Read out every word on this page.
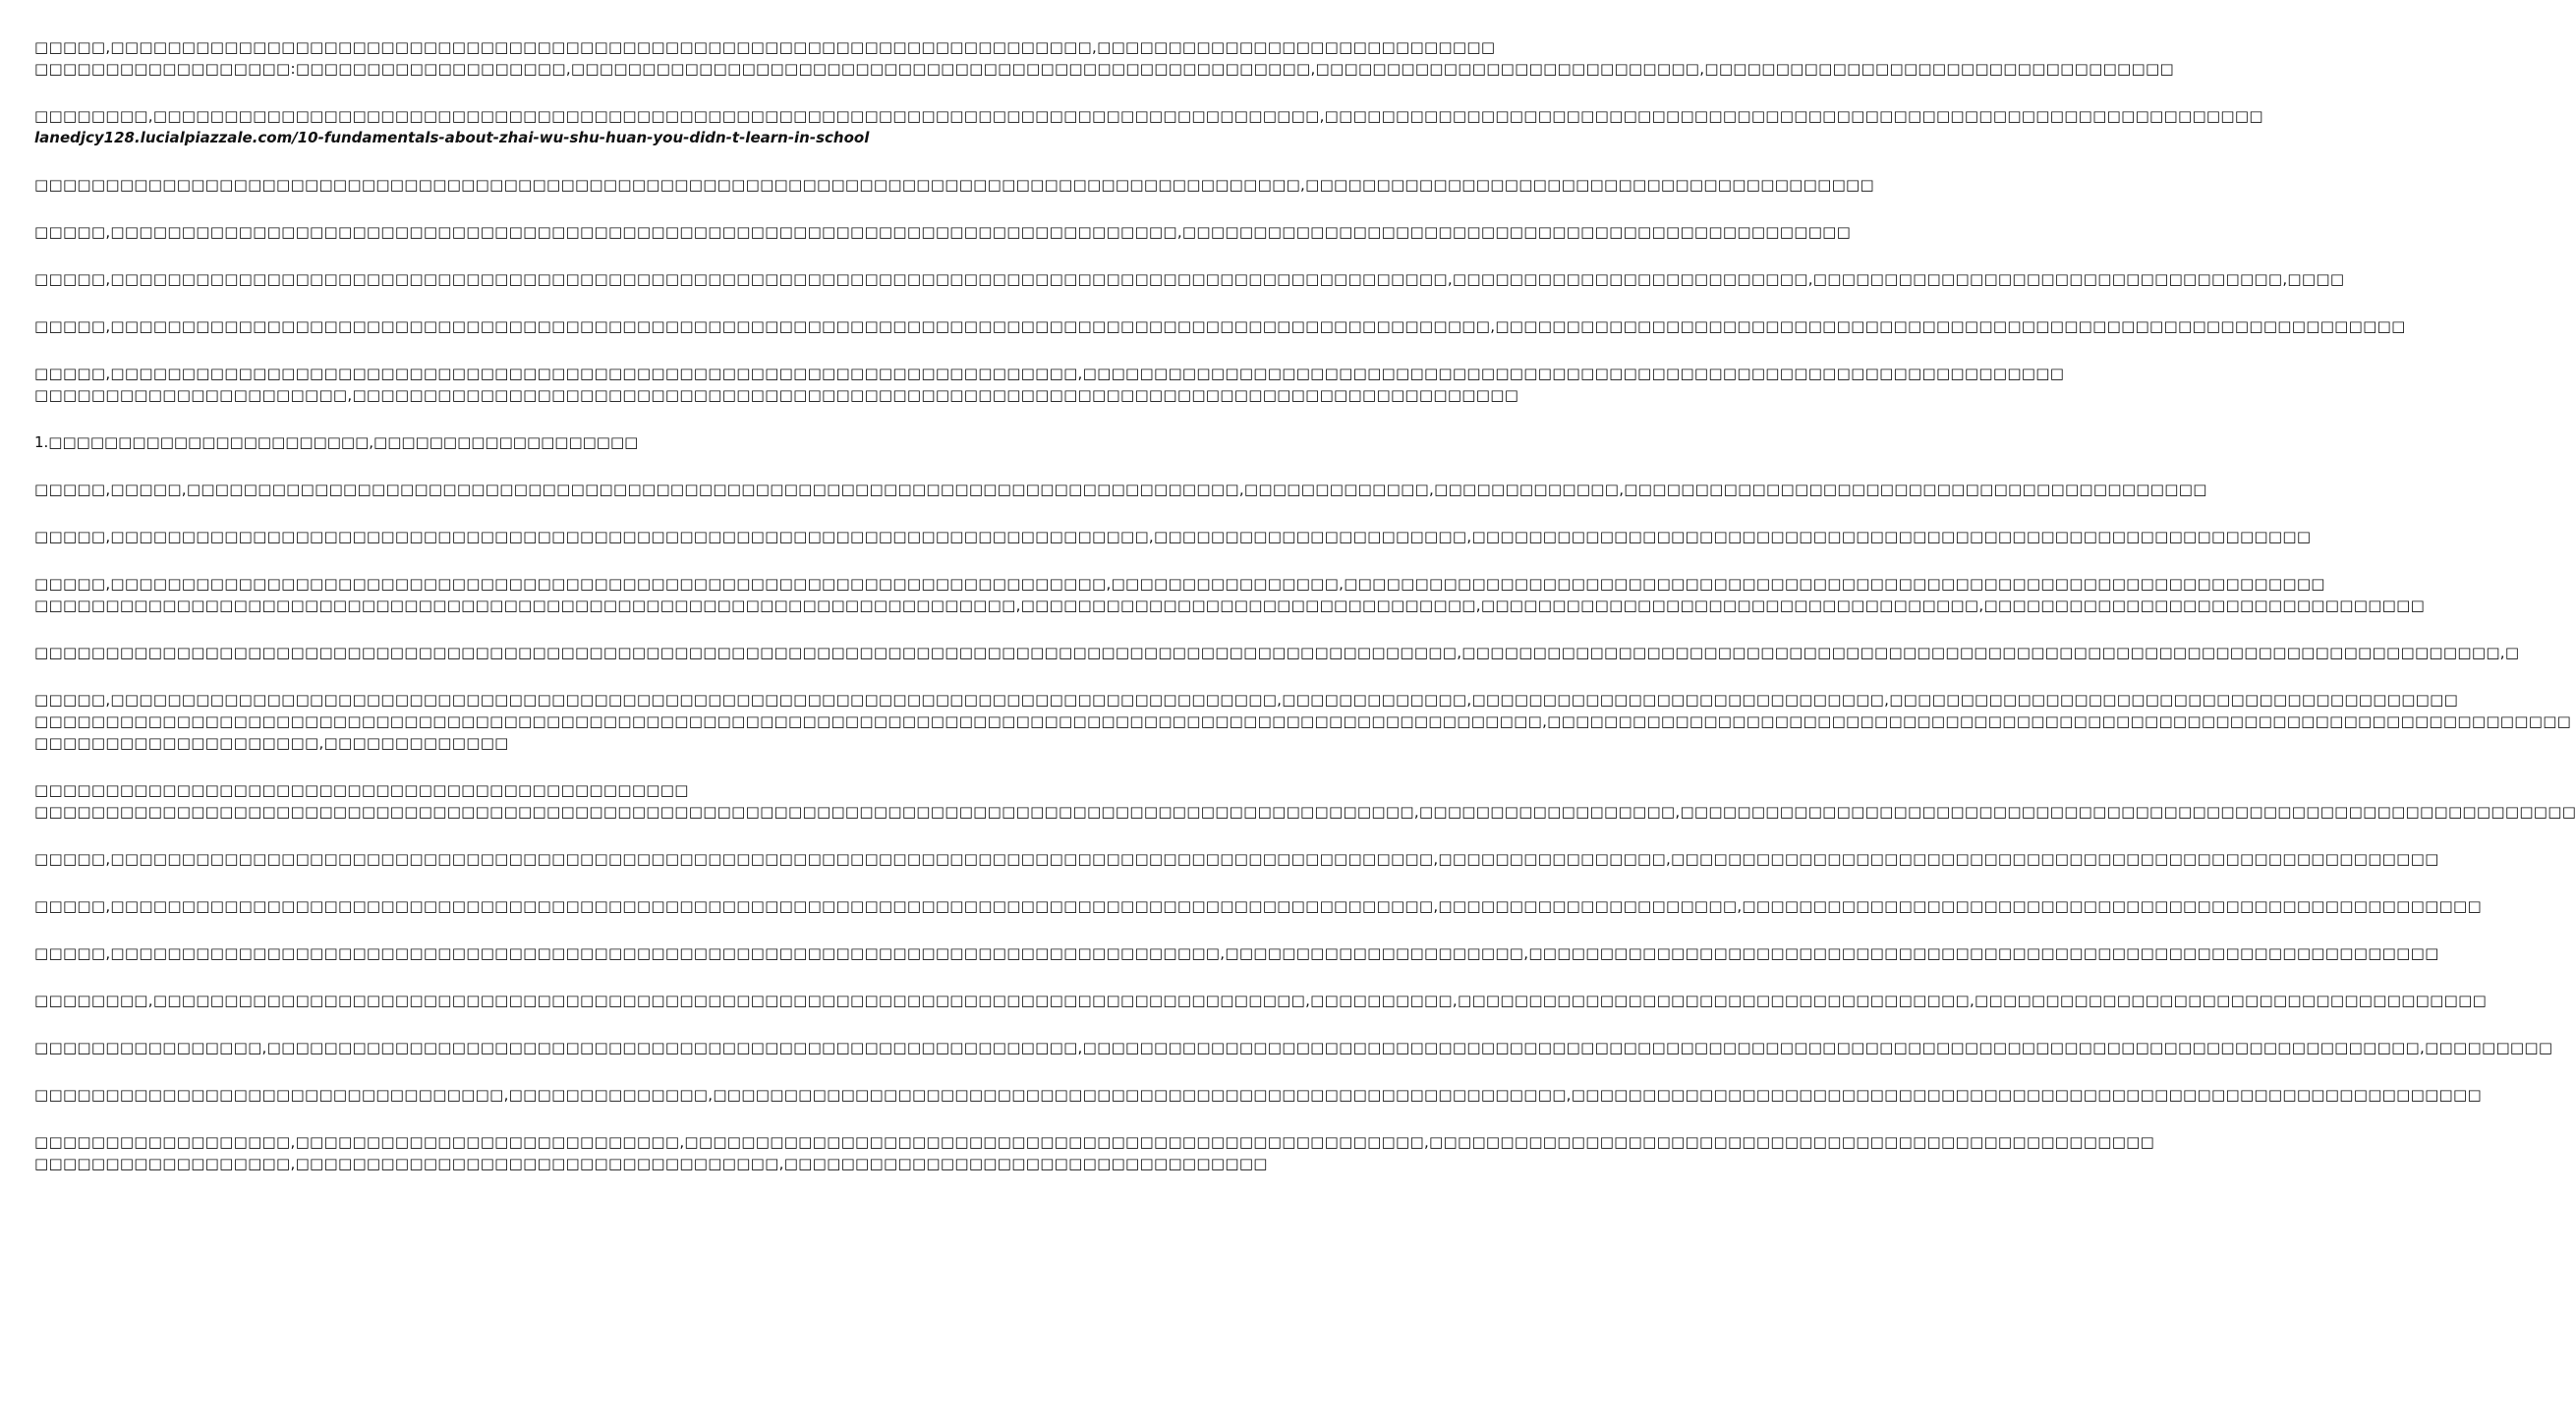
□□□□□,□□□□□□□□□□□□□□□□□□□□□□□□□□□□□□□□□□□□□□□□□□□□□□□□□□□□□□□□□□□□□□□□□□□□□,□□□□□□□□□□□□□□□□□□□□□□□□□□□□
□□□□□□□□□□□□□□□□□□:□□□□□□□□□□□□□□□□□□□,□□□□□□□□□□□□□□□□□□□□□□□□□□□□□□□□□□□□□□□□□□□□□□□□□□□□,□□□□□□□□□□□□□□□□□□□□□□□□□□□,□□□□□□□□□□□□□□□□□□□□□□□□□□□□□□□□□

□□□□□□□□,□□□□□□□□□□□□□□□□□□□□□□□□□□□□□□□□□□□□□□□□□□□□□□□□□□□□□□□□□□□□□□□□□□□□□□□□□□□□□□□□□□,□□□□□□□□□□□□□□□□□□□□□□□□□□□□□□□□□□□□□□□□□□□□□□□□□□□□□□□□□□□□□□□□□□
lanedjcy128.lucialpiazzale.com/10-fundamentals-about-zhai-wu-shu-huan-you-didn-t-learn-in-school

□□□□□□□□□□□□□□□□□□□□□□□□□□□□□□□□□□□□□□□□□□□□□□□□□□□□□□□□□□□□□□□□□□□□□□□□□□□□□□□□□□□□□□□□□,□□□□□□□□□□□□□□□□□□□□□□□□□□□□□□□□□□□□□□□□

□□□□□,□□□□□□□□□□□□□□□□□□□□□□□□□□□□□□□□□□□□□□□□□□□□□□□□□□□□□□□□□□□□□□□□□□□□□□□□□□□,□□□□□□□□□□□□□□□□□□□□□□□□□□□□□□□□□□□□□□□□□□□□□□□

□□□□□,□□□□□□□□□□□□□□□□□□□□□□□□□□□□□□□□□□□□□□□□□□□□□□□□□□□□□□□□□□□□□□□□□□□□□□□□□□□□□□□□□□□□□□□□□□□□□□,□□□□□□□□□□□□□□□□□□□□□□□□□,□□□□□□□□□□□□□□□□□□□□□□□□□□□□□□□□□,□□□□

□□□□□,□□□□□□□□□□□□□□□□□□□□□□□□□□□□□□□□□□□□□□□□□□□□□□□□□□□□□□□□□□□□□□□□□□□□□□□□□□□□□□□□□□□□□□□□□□□□□□□□□,□□□□□□□□□□□□□□□□□□□□□□□□□□□□□□□□□□□□□□□□□□□□□□□□□□□□□□□□□□□□□□□□

□□□□□,□□□□□□□□□□□□□□□□□□□□□□□□□□□□□□□□□□□□□□□□□□□□□□□□□□□□□□□□□□□□□□□□□□□□,□□□□□□□□□□□□□□□□□□□□□□□□□□□□□□□□□□□□□□□□□□□□□□□□□□□□□□□□□□□□□□□□□□□□□
□□□□□□□□□□□□□□□□□□□□□□,□□□□□□□□□□□□□□□□□□□□□□□□□□□□□□□□□□□□□□□□□□□□□□□□□□□□□□□□□□□□□□□□□□□□□□□□□□□□□□□□□□

1.□□□□□□□□□□□□□□□□□□□□□□□,□□□□□□□□□□□□□□□□□□□

□□□□□,□□□□□,□□□□□□□□□□□□□□□□□□□□□□□□□□□□□□□□□□□□□□□□□□□□□□□□□□□□□□□□□□□□□□□□□□□□□□□□□□,□□□□□□□□□□□□□,□□□□□□□□□□□□□,□□□□□□□□□□□□□□□□□□□□□□□□□□□□□□□□□□□□□□□□□

□□□□□,□□□□□□□□□□□□□□□□□□□□□□□□□□□□□□□□□□□□□□□□□□□□□□□□□□□□□□□□□□□□□□□□□□□□□□□□□,□□□□□□□□□□□□□□□□□□□□□□,□□□□□□□□□□□□□□□□□□□□□□□□□□□□□□□□□□□□□□□□□□□□□□□□□□□□□□□□□□□

□□□□□,□□□□□□□□□□□□□□□□□□□□□□□□□□□□□□□□□□□□□□□□□□□□□□□□□□□□□□□□□□□□□□□□□□□□□□,□□□□□□□□□□□□□□□□,□□□□□□□□□□□□□□□□□□□□□□□□□□□□□□□□□□□□□□□□□□□□□□□□□□□□□□□□□□□□□□□□□□□□□
□□□□□□□□□□□□□□□□□□□□□□□□□□□□□□□□□□□□□□□□□□□□□□□□□□□□□□□□□□□□□□□□□□□□□,□□□□□□□□□□□□□□□□□□□□□□□□□□□□□□□□,□□□□□□□□□□□□□□□□□□□□□□□□□□□□□□□□□□□,□□□□□□□□□□□□□□□□□□□□□□□□□□□□□□□

□□□□□□□□□□□□□□□□□□□□□□□□□□□□□□□□□□□□□□□□□□□□□□□□□□□□□□□□□□□□□□□□□□□□□□□□□□□□□□□□□□□□□□□□□□□□□□□□□□□□,□□□□□□□□□□□□□□□□□□□□□□□□□□□□□□□□□□□□□□□□□□□□□□□□□□□□□□□□□□□□□□□□□□□□□□□□□,□

□□□□□,□□□□□□□□□□□□□□□□□□□□□□□□□□□□□□□□□□□□□□□□□□□□□□□□□□□□□□□□□□□□□□□□□□□□□□□□□□□□□□□□□□,□□□□□□□□□□□□□,□□□□□□□□□□□□□□□□□□□□□□□□□□□□□,□□□□□□□□□□□□□□□□□□□□□□□□□□□□□□□□□□□□□□□□
□□□□□□□□□□□□□□□□□□□□□□□□□□□□□□□□□□□□□□□□□□□□□□□□□□□□□□□□□□□□□□□□□□□□□□□□□□□□□□□□□□□□□□□□□□□□□□□□□□□□□□□□□□,□□□□□□□□□□□□□□□□□□□□□□□□□□□□□□□□□□□□□□□□□□□□□□□□□□□□□□□□□□□□□□□□□□□□□□□□
□□□□□□□□□□□□□□□□□□□□,□□□□□□□□□□□□□

□□□□□□□□□□□□□□□□□□□□□□□□□□□□□□□□□□□□□□□□□□□□□□
□□□□□□□□□□□□□□□□□□□□□□□□□□□□□□□□□□□□□□□□□□□□□□□□□□□□□□□□□□□□□□□□□□□□□□□□□□□□□□□□□□□□□□□□□□□□□□□□□,□□□□□□□□□□□□□□□□□□,□□□□□□□□□□□□□□□□□□□□□□□□□□□□□□□□□□□□□□□□□□□□□□□□□□□□□□□□□□□□□□□

□□□□□,□□□□□□□□□□□□□□□□□□□□□□□□□□□□□□□□□□□□□□□□□□□□□□□□□□□□□□□□□□□□□□□□□□□□□□□□□□□□□□□□□□□□□□□□□□□□□,□□□□□□□□□□□□□□□□,□□□□□□□□□□□□□□□□□□□□□□□□□□□□□□□□□□□□□□□□□□□□□□□□□□□□□□

□□□□□,□□□□□□□□□□□□□□□□□□□□□□□□□□□□□□□□□□□□□□□□□□□□□□□□□□□□□□□□□□□□□□□□□□□□□□□□□□□□□□□□□□□□□□□□□□□□□,□□□□□□□□□□□□□□□□□□□□□,□□□□□□□□□□□□□□□□□□□□□□□□□□□□□□□□□□□□□□□□□□□□□□□□□□□□

□□□□□,□□□□□□□□□□□□□□□□□□□□□□□□□□□□□□□□□□□□□□□□□□□□□□□□□□□□□□□□□□□□□□□□□□□□□□□□□□□□□□,□□□□□□□□□□□□□□□□□□□□□,□□□□□□□□□□□□□□□□□□□□□□□□□□□□□□□□□□□□□□□□□□□□□□□□□□□□□□□□□□□□□□□□

□□□□□□□□,□□□□□□□□□□□□□□□□□□□□□□□□□□□□□□□□□□□□□□□□□□□□□□□□□□□□□□□□□□□□□□□□□□□□□□□□□□□□□□□□□,□□□□□□□□□□,□□□□□□□□□□□□□□□□□□□□□□□□□□□□□□□□□□□□,□□□□□□□□□□□□□□□□□□□□□□□□□□□□□□□□□□□□

□□□□□□□□□□□□□□□□,□□□□□□□□□□□□□□□□□□□□□□□□□□□□□□□□□□□□□□□□□□□□□□□□□□□□□□□□□,□□□□□□□□□□□□□□□□□□□□□□□□□□□□□□□□□□□□□□□□□□□□□□□□□□□□□□□□□□□□□□□□□□□□□□□□□□□□□□□□□□□□□□□□□□□□□□,□□□□□□□□□

□□□□□□□□□□□□□□□□□□□□□□□□□□□□□□□□□,□□□□□□□□□□□□□□,□□□□□□□□□□□□□□□□□□□□□□□□□□□□□□□□□□□□□□□□□□□□□□□□□□□□□□□□□□□□,□□□□□□□□□□□□□□□□□□□□□□□□□□□□□□□□□□□□□□□□□□□□□□□□□□□□□□□□□□□□□□□□

□□□□□□□□□□□□□□□□□□,□□□□□□□□□□□□□□□□□□□□□□□□□□□,□□□□□□□□□□□□□□□□□□□□□□□□□□□□□□□□□□□□□□□□□□□□□□□□□□□□,□□□□□□□□□□□□□□□□□□□□□□□□□□□□□□□□□□□□□□□□□□□□□□□□□□□
□□□□□□□□□□□□□□□□□□,□□□□□□□□□□□□□□□□□□□□□□□□□□□□□□□□□□,□□□□□□□□□□□□□□□□□□□□□□□□□□□□□□□□□□
